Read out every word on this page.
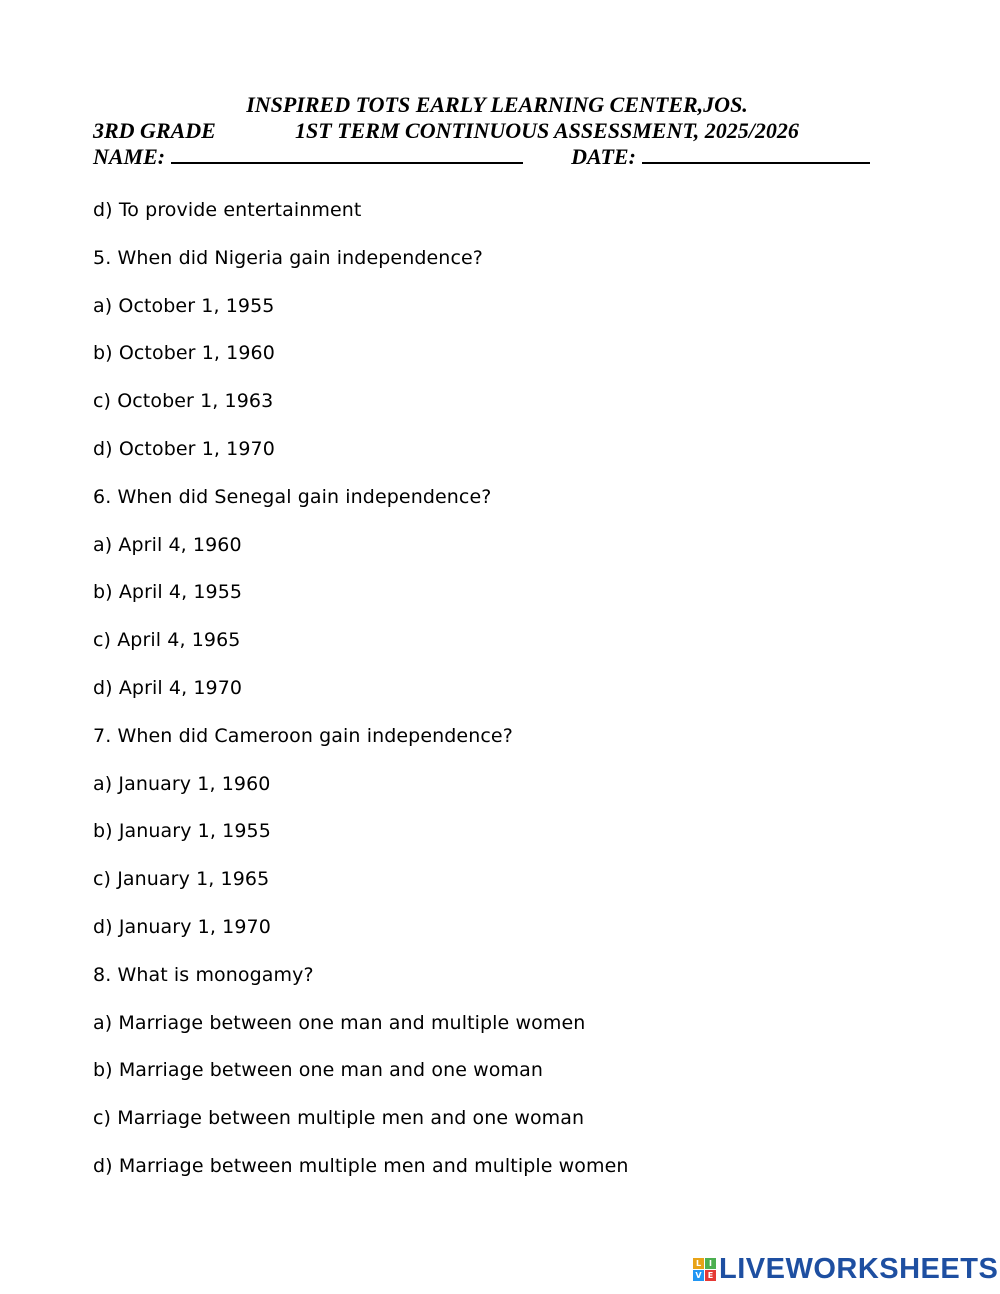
INSPIRED TOTS EARLY LEARNING CENTER,JOS.
3RD GRADE	1ST TERM CONTINUOUS ASSESSMENT, 2025/2026
NAME:	DATE:
d) To provide entertainment
5. When did Nigeria gain independence?
a) October 1, 1955
b) October 1, 1960
c) October 1, 1963
d) October 1, 1970
6. When did Senegal gain independence?
a) April 4, 1960
b) April 4, 1955
c) April 4, 1965
d) April 4, 1970
7. When did Cameroon gain independence?
a) January 1, 1960
b) January 1, 1955
c) January 1, 1965
d) January 1, 1970
8. What is monogamy?
a) Marriage between one man and multiple women
b) Marriage between one man and one woman
c) Marriage between multiple men and one woman
d) Marriage between multiple men and multiple women
L I
V E LIVEWORKSHEETS
